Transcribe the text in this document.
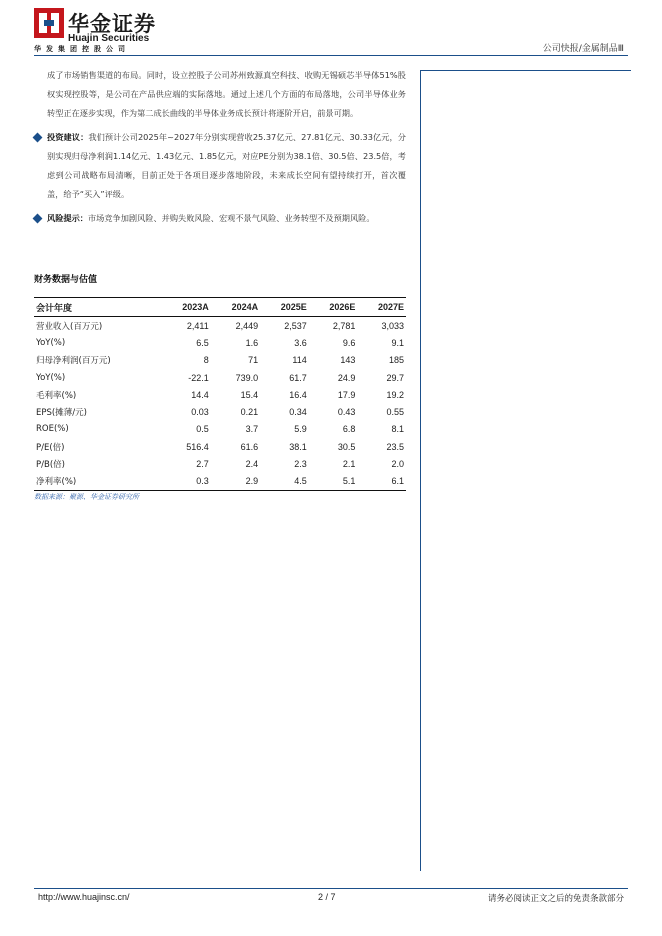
华金证券
Huajin Securities
华发集团控股公司	公司快报/金属制品Ⅲ

成了市场销售渠道的布局。同时，设立控股子公司苏州致源真空科技、收购无锡硕芯半导体51%股权实现控股等，是公司在产品供应端的实际落地。通过上述几个方面的布局落地，公司半导体业务转型正在逐步实现，作为第二成长曲线的半导体业务成长预计将逐阶开启，前景可期。

投资建议：我们预计公司2025年~2027年分别实现营收25.37亿元、27.81亿元、30.33亿元，分别实现归母净利润1.14亿元、1.43亿元、1.85亿元，对应PE分别为38.1倍、30.5倍、23.5倍，考虑到公司战略布局清晰，目前正处于各项目逐步落地阶段，未来成长空间有望持续打开，首次覆盖，给予“买入”评级。
风险提示：市场竞争加剧风险、并购失败风险、宏观不景气风险、业务转型不及预期风险。
财务数据与估值
会计年度	2023A	2024A	2025E	2026E	2027E
营业收入(百万元)	2,411	2,449	2,537	2,781	3,033
YoY(%)	6.5	1.6	3.6	9.6	9.1
归母净利润(百万元)	8	71	114	143	185
YoY(%)	-22.1	739.0	61.7	24.9	29.7
毛利率(%)	14.4	15.4	16.4	17.9	19.2
EPS(摊薄/元)	0.03	0.21	0.34	0.43	0.55
ROE(%)	0.5	3.7	5.9	6.8	8.1
P/E(倍)	516.4	61.6	38.1	30.5	23.5
P/B(倍)	2.7	2.4	2.3	2.1	2.0
净利率(%)	0.3	2.9	4.5	5.1	6.1
数据来源：聚源、华金证券研究所
http://www.huajinsc.cn/	2 / 7	请务必阅读正文之后的免责条款部分
